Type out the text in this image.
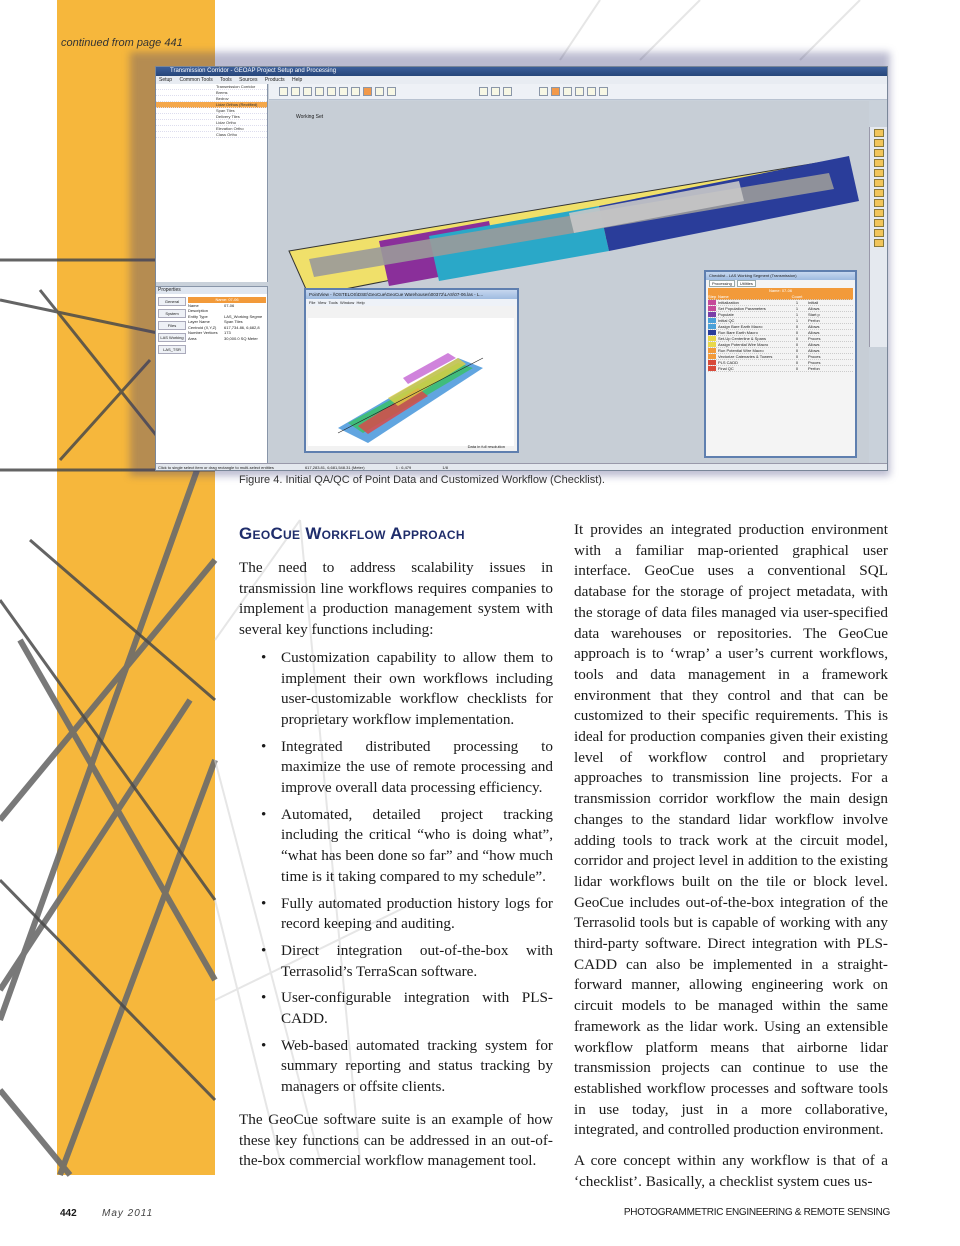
continued from page 441
Transmission Corridor - GEOAP Project Setup and Processing
Setup Common Tools Tools Sources Products Help
Transmission Corridor
Brems
Bedrov
Lidar Orthos (Rectified)
Span Tiles
Delivery Tiles
Lidar Ortho
Elevation Ortho
Class Ortho
Properties
General
System
Files
LAS Working
LAS_TSR
Name: 07-06
Name	07-06
Description
Entity Type	LAS_Working Segme
Layer Name	Span Tiles
Centroid (X,Y,Z)	617,734.86, 6,682,8
Number Vertices	173
Area	30,000.0 SQ Meter
Working Set
PointView - \\OSTELOS\DSE\GeoCue\GeoCue Warehouses\00372\LAS\07-06.las - L...
File View Tools Window Help
Data in full resolution
Checklist - LAS Working Segment (Transmission)
Processing Utilities
Name: 07-06
Step Name	Count
Initialization	1	Initiali
Set Population Parameters	1	Allows
Populate	1	Start p
Initial QC	1	Perfon
Assign Bare Earth Macro	0	Allows
Run Bare Earth Macro	0	Allows
Set-Up Centerline & Spans	0	Proces
Assign Potential Wire Macro	0	Allows
Run Potential Wire Macro	0	Allows
Vectorize Catenaries & Towers	0	Proces
PLS CADD	0	Proces
Final QC	0	Perfon
Click to single select item or drag rectangle to multi-select entities	617,283.81, 6,681,548.31 (Meter)	1 : 6,479	1/8
Figure 4. Initial QA/QC of Point Data and Customized Workflow (Checklist).
GeoCue Workflow Approach

The need to address scalability issues in transmission line workflows requires companies to implement a production management system with several key functions including:

• Customization capability to allow them to implement their own workflows including user-customizable workflow checklists for proprietary workflow implementation.
• Integrated distributed processing to maximize the use of remote processing and improve overall data processing efficiency.
• Automated, detailed project tracking including the critical “who is doing what”, “what has been done so far” and “how much time is it taking compared to my schedule”.
• Fully automated production history logs for record keeping and auditing.
• Direct integration out-of-the-box with Terrasolid’s TerraScan software.
• User-configurable integration with PLS-CADD.
• Web-based automated tracking system for summary reporting and status tracking by managers or offsite clients.

The GeoCue software suite is an example of how these key functions can be addressed in an out-of-the-box commercial workflow management tool.

It provides an integrated production environment with a familiar map-oriented graphical user interface. GeoCue uses a conventional SQL database for the storage of project metadata, with the storage of data files managed via user-specified data warehouses or repositories. The GeoCue approach is to ‘wrap’ a user’s current workflows, tools and data management in a framework environment that they control and that can be customized to their specific requirements. This is ideal for production companies given their existing level of workflow control and proprietary approaches to transmission line projects. For a transmission corridor workflow the main design changes to the standard lidar workflow involve adding tools to track work at the circuit model, corridor and project level in addition to the existing lidar workflows built on the tile or block level. GeoCue includes out-of-the-box integration of the Terrasolid tools but is capable of working with any third-party software. Direct integration with PLS-CADD can also be implemented in a straight-forward manner, allowing engineering work on circuit models to be managed within the same framework as the lidar work. Using an extensible workflow platform means that airborne lidar transmission projects can continue to use the established workflow processes and software tools in use today, just in a more collaborative, integrated, and controlled production environment.

A core concept within any workflow is that of a ‘checklist’. Basically, a checklist system cues us-

442	May 2011	PHOTOGRAMMETRIC ENGINEERING & REMOTE SENSING
